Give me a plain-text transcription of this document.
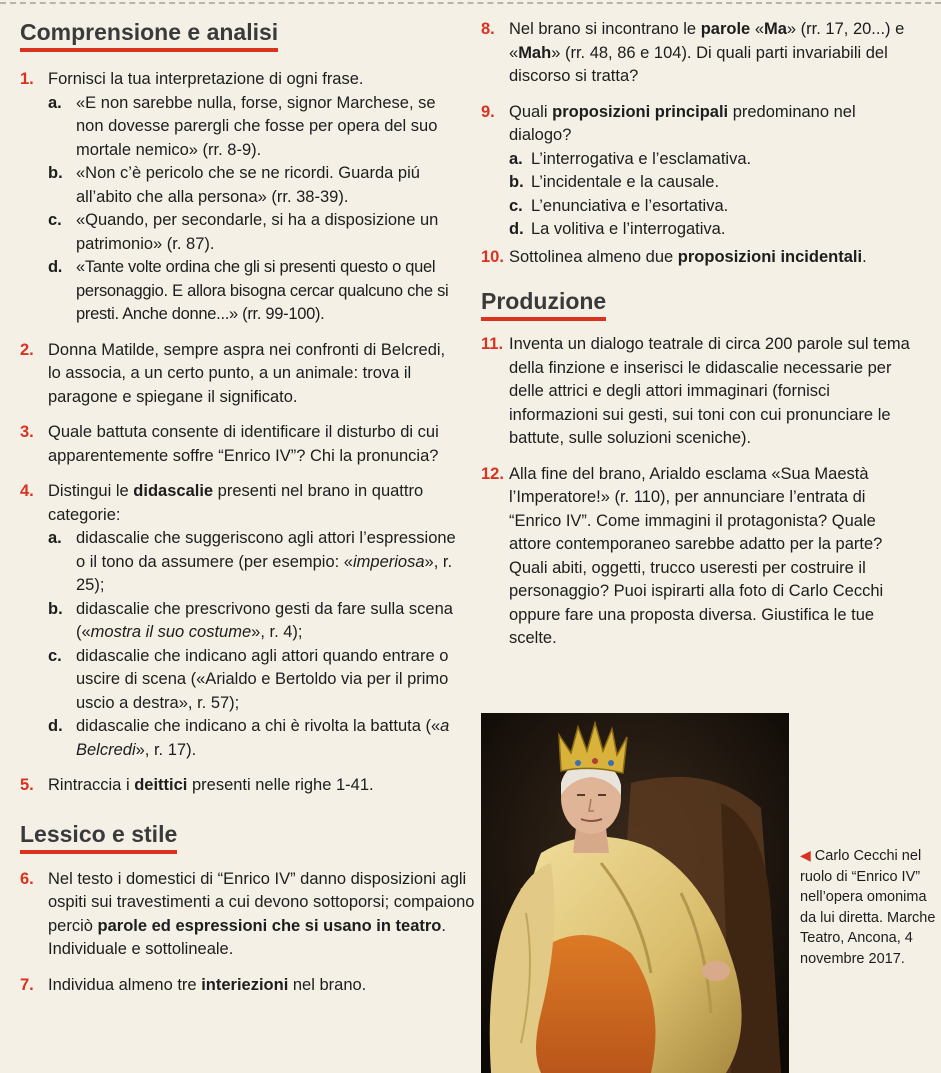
Comprensione e analisi

1. Fornisci la tua interpretazione di ogni frase.

a. «E non sarebbe nulla, forse, signor Marchese, se non dovesse parergli che fosse per opera del suo mortale nemico» (rr. 8-9).

b. «Non c’è pericolo che se ne ricordi. Guarda piú all’abito che alla persona» (rr. 38-39).

c. «Quando, per secondarle, si ha a disposizione un patrimonio» (r. 87).

d. «Tante volte ordina che gli si presenti questo o quel personaggio. E allora bisogna cercar qualcuno che si presti. Anche donne...» (rr. 99-100).

2. Donna Matilde, sempre aspra nei confronti di Belcredi, lo associa, a un certo punto, a un animale: trova il paragone e spiegane il significato.

3. Quale battuta consente di identificare il disturbo di cui apparentemente soffre “Enrico IV”? Chi la pronuncia?

4. Distingui le didascalie presenti nel brano in quattro categorie:

a. didascalie che suggeriscono agli attori l’espressione o il tono da assumere (per esempio: «imperiosa», r. 25);

b. didascalie che prescrivono gesti da fare sulla scena («mostra il suo costume», r. 4);

c. didascalie che indicano agli attori quando entrare o uscire di scena («Arialdo e Bertoldo via per il primo uscio a destra», r. 57);

d. didascalie che indicano a chi è rivolta la battuta («a Belcredi», r. 17).

5. Rintraccia i deittici presenti nelle righe 1-41.

Lessico e stile

6. Nel testo i domestici di “Enrico IV” danno disposizioni agli ospiti sui travestimenti a cui devono sottoporsi; compaiono perciò parole ed espressioni che si usano in teatro. Individuale e sottolineale.

7. Individua almeno tre interiezioni nel brano.

8. Nel brano si incontrano le parole «Ma» (rr. 17, 20...) e «Mah» (rr. 48, 86 e 104). Di quali parti invariabili del discorso si tratta?

9. Quali proposizioni principali predominano nel dialogo?

a. L’interrogativa e l’esclamativa.

b. L’incidentale e la causale.

c. L’enunciativa e l’esortativa.

d. La volitiva e l’interrogativa.

10. Sottolinea almeno due proposizioni incidentali.

Produzione

11. Inventa un dialogo teatrale di circa 200 parole sul tema della finzione e inserisci le didascalie necessarie per delle attrici e degli attori immaginari (fornisci informazioni sui gesti, sui toni con cui pronunciare le battute, sulle soluzioni sceniche).

12. Alla fine del brano, Arialdo esclama «Sua Maestà l’Imperatore!» (r. 110), per annunciare l’entrata di “Enrico IV”. Come immagini il protagonista? Quale attore contemporaneo sarebbe adatto per la parte? Quali abiti, oggetti, trucco useresti per costruire il personaggio? Puoi ispirarti alla foto di Carlo Cecchi oppure fare una proposta diversa. Giustifica le tue scelte.

◀ Carlo Cecchi nel ruolo di “Enrico IV” nell’opera omonima da lui diretta. Marche Teatro, Ancona, 4 novembre 2017.
